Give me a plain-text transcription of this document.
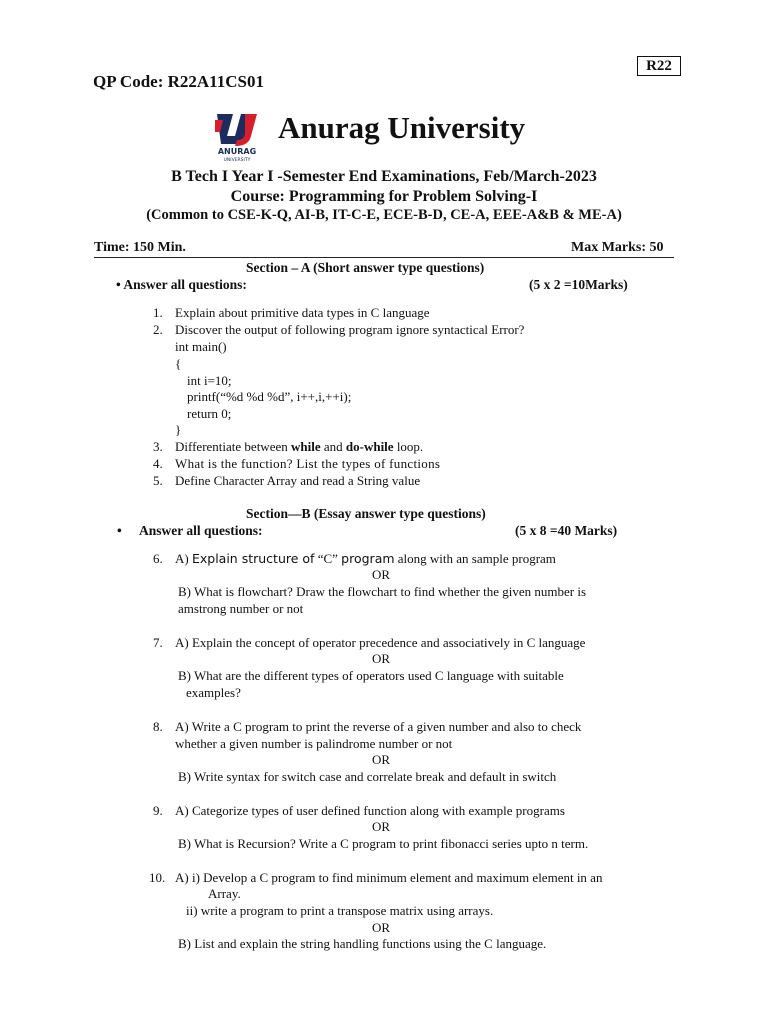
R22
QP Code: R22A11CS01
ANURAG
UNIVERSITY
Anurag University
B Tech I Year I -Semester End Examinations, Feb/March-2023
Course: Programming for Problem Solving-I
(Common to CSE-K-Q, AI-B, IT-C-E, ECE-B-D, CE-A, EEE-A&B & ME-A)
Time: 150 Min.	Max Marks: 50
Section – A (Short answer type questions)
• Answer all questions:	(5 x 2 =10Marks)
1. Explain about primitive data types in C language
2. Discover the output of following program ignore syntactical Error?
int main()
{
int i=10;
printf(“%d %d %d”, i++,i,++i);
return 0;
}
3. Differentiate between while and do-while loop.
4. What is the function? List the types of functions
5. Define Character Array and read a String value
Section—B (Essay answer type questions)
• Answer all questions:	(5 x 8 =40 Marks)
6. A) Explain structure of “C” program along with an sample program
OR
B) What is flowchart? Draw the flowchart to find whether the given number is
amstrong number or not
7. A) Explain the concept of operator precedence and associatively in C language
OR
B) What are the different types of operators used C language with suitable
examples?
8. A) Write a C program to print the reverse of a given number and also to check
whether a given number is palindrome number or not
OR
B) Write syntax for switch case and correlate break and default in switch
9. A) Categorize types of user defined function along with example programs
OR
B) What is Recursion? Write a C program to print fibonacci series upto n term.
10. A) i) Develop a C program to find minimum element and maximum element in an
Array.
ii) write a program to print a transpose matrix using arrays.
OR
B) List and explain the string handling functions using the C language.
